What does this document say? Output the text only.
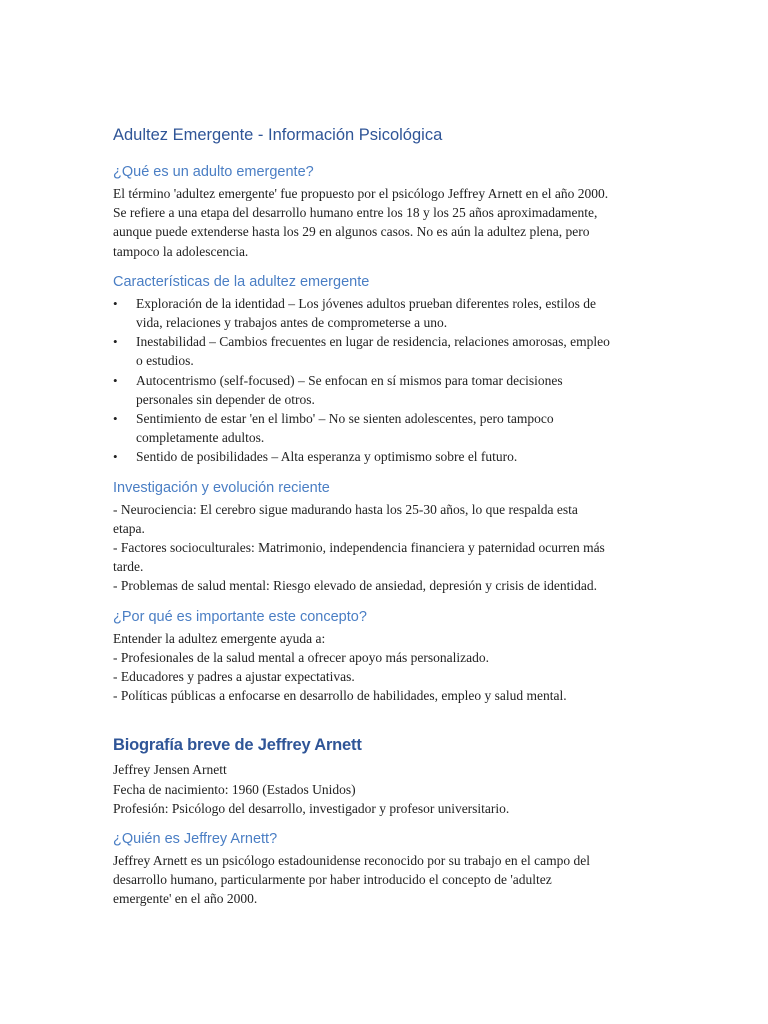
Adultez Emergente - Información Psicológica
¿Qué es un adulto emergente?
El término 'adultez emergente' fue propuesto por el psicólogo Jeffrey Arnett en el año 2000.
Se refiere a una etapa del desarrollo humano entre los 18 y los 25 años aproximadamente,
aunque puede extenderse hasta los 29 en algunos casos. No es aún la adultez plena, pero
tampoco la adolescencia.
Características de la adultez emergente
• Exploración de la identidad – Los jóvenes adultos prueban diferentes roles, estilos de
vida, relaciones y trabajos antes de comprometerse a uno.
• Inestabilidad – Cambios frecuentes en lugar de residencia, relaciones amorosas, empleo
o estudios.
• Autocentrismo (self-focused) – Se enfocan en sí mismos para tomar decisiones
personales sin depender de otros.
• Sentimiento de estar 'en el limbo' – No se sienten adolescentes, pero tampoco
completamente adultos.
• Sentido de posibilidades – Alta esperanza y optimismo sobre el futuro.
Investigación y evolución reciente
- Neurociencia: El cerebro sigue madurando hasta los 25-30 años, lo que respalda esta
etapa.
- Factores socioculturales: Matrimonio, independencia financiera y paternidad ocurren más
tarde.
- Problemas de salud mental: Riesgo elevado de ansiedad, depresión y crisis de identidad.
¿Por qué es importante este concepto?
Entender la adultez emergente ayuda a:
- Profesionales de la salud mental a ofrecer apoyo más personalizado.
- Educadores y padres a ajustar expectativas.
- Políticas públicas a enfocarse en desarrollo de habilidades, empleo y salud mental.
Biografía breve de Jeffrey Arnett
Jeffrey Jensen Arnett
Fecha de nacimiento: 1960 (Estados Unidos)
Profesión: Psicólogo del desarrollo, investigador y profesor universitario.
¿Quién es Jeffrey Arnett?
Jeffrey Arnett es un psicólogo estadounidense reconocido por su trabajo en el campo del
desarrollo humano, particularmente por haber introducido el concepto de 'adultez
emergente' en el año 2000.
